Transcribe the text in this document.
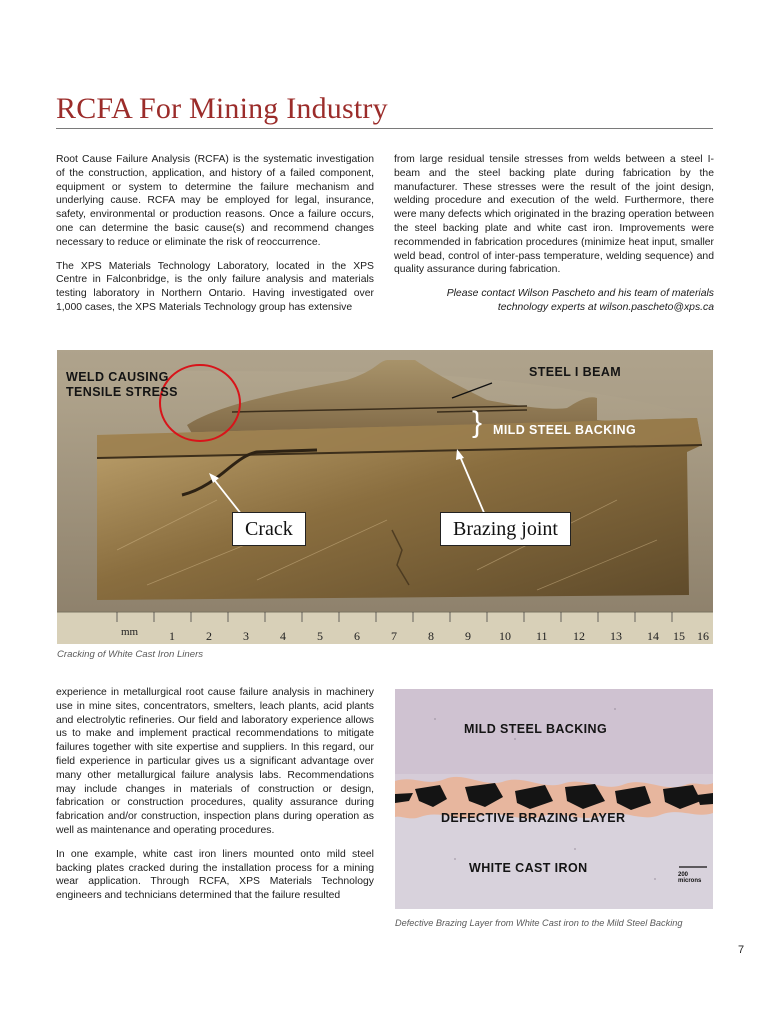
RCFA For Mining Industry

Root Cause Failure Analysis (RCFA) is the systematic investigation of the construction, application, and history of a failed component, equipment or system to determine the failure mechanism and underlying cause. RCFA may be employed for legal, insurance, safety, environmental or production reasons. Once a failure occurs, one can determine the basic cause(s) and recommend changes necessary to reduce or eliminate the risk of reoccurrence.

The XPS Materials Technology Laboratory, located in the XPS Centre in Falconbridge, is the only failure analysis and materials testing laboratory in Northern Ontario. Having investigated over 1,000 cases, the XPS Materials Technology group has extensive

from large residual tensile stresses from welds between a steel I-beam and the steel backing plate during fabrication by the manufacturer. These stresses were the result of the joint design, welding procedure and execution of the weld. Furthermore, there were many defects which originated in the brazing operation between the steel backing plate and white cast iron. Improvements were recommended in fabrication procedures (minimize heat input, smaller weld bead, control of inter-pass temperature, welding sequence) and quality assurance during fabrication.

Please contact Wilson Pascheto and his team of materials technology experts at wilson.pascheto@xps.ca

mm	1	2	3	4	5	6	7	8	9 10 11 12 13 14 15 16
WELD CAUSING TENSILE STRESS
STEEL I BEAM
} MILD STEEL BACKING
Crack	Brazing joint
Cracking of White Cast Iron Liners

experience in metallurgical root cause failure analysis in machinery use in mine sites, concentrators, smelters, leach plants, acid plants and electrolytic refineries. Our field and laboratory experience allows us to make and implement practical recommendations to mitigate failures together with site expertise and suppliers. In this regard, our field experience in particular gives us a significant advantage over many other metallurgical failure analysis labs. Recommendations may include changes in materials of construction or design, fabrication or construction procedures, quality assurance during fabrication and/or construction, inspection plans during operation as well as maintenance and operating procedures.

In one example, white cast iron liners mounted onto mild steel backing plates cracked during the installation process for a mining wear application. Through RCFA, XPS Materials Technology engineers and technicians determined that the failure resulted

MILD STEEL BACKING
DEFECTIVE BRAZING LAYER
WHITE CAST IRON	200 microns
Defective Brazing Layer from White Cast iron to the Mild Steel Backing
7
